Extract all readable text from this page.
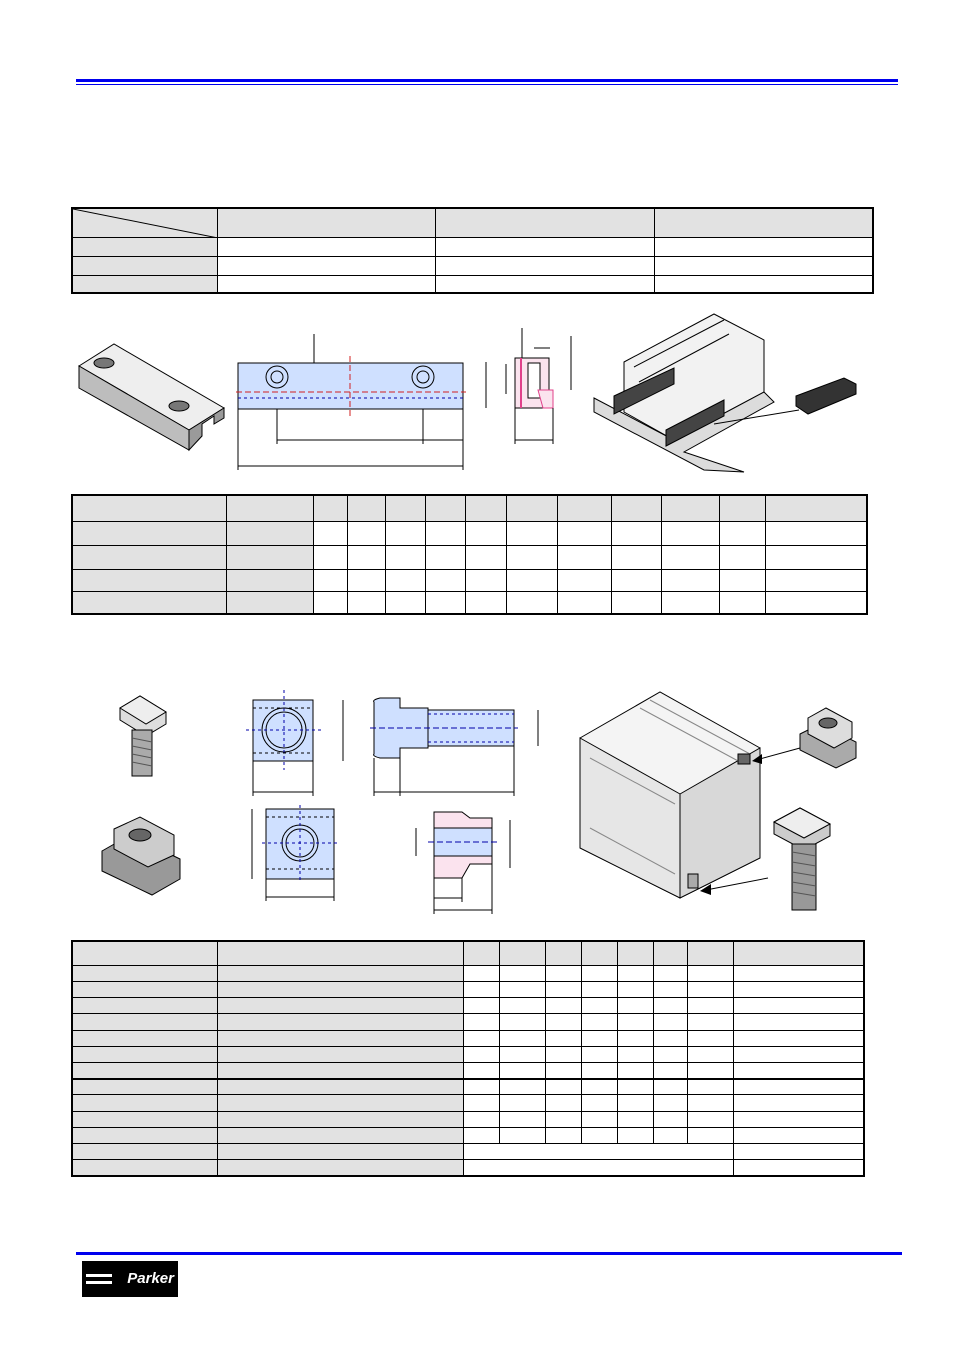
Parker
